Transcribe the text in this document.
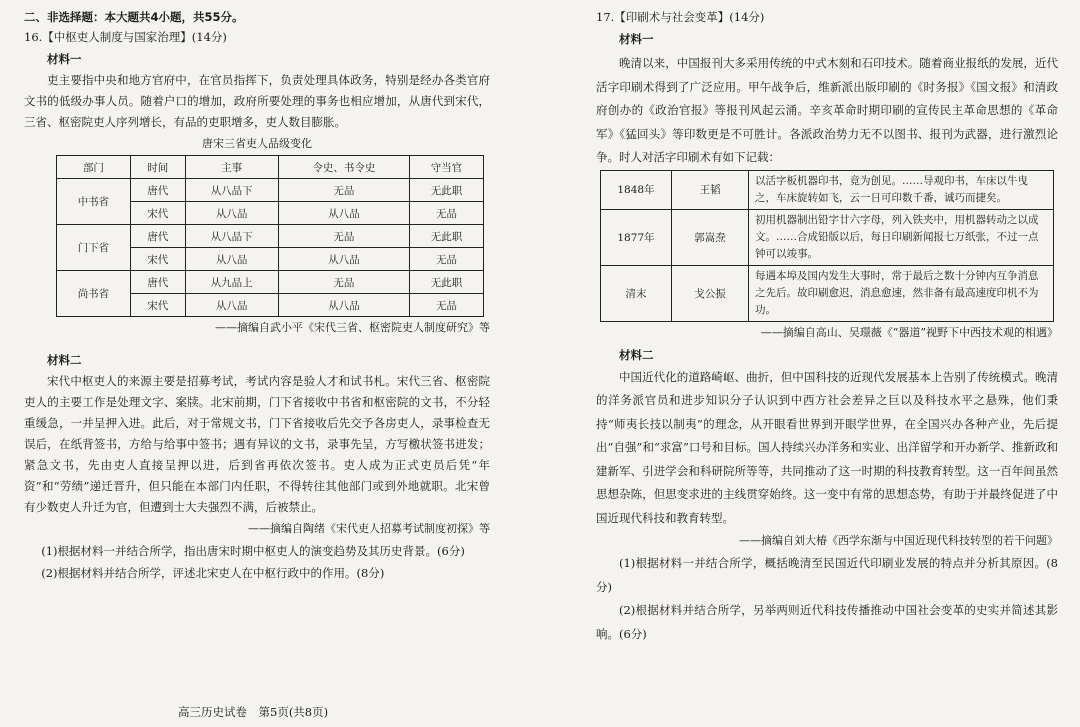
二、非选择题：本大题共4小题，共55分。

16.【中枢吏人制度与国家治理】(14分)

材料一

吏主要指中央和地方官府中，在官员指挥下，负责处理具体政务，特别是经办各类官府文书的低级办事人员。随着户口的增加，政府所要处理的事务也相应增加，从唐代到宋代，三省、枢密院吏人序列增长，有品的吏职增多，吏人数目膨胀。

唐宋三省吏人品级变化

部门	时间	主事	令史、书令史	守当官
中书省	唐代	从八品下	无品	无此职
	宋代	从八品	从八品	无品
门下省	唐代	从八品下	无品	无此职
	宋代	从八品	从八品	无品
尚书省	唐代	从九品上	无品	无此职
	宋代	从八品	从八品	无品

——摘编自武小平《宋代三省、枢密院吏人制度研究》等

材料二

宋代中枢吏人的来源主要是招募考试，考试内容是验人才和试书札。宋代三省、枢密院吏人的主要工作是处理文字、案牍。北宋前期，门下省接收中书省和枢密院的文书，不分轻重缓急，一并呈押入进。此后，对于常规文书，门下省接收后先交予各房吏人，录事检查无误后，在纸背签书，方给与给事中签书；遇有异议的文书，录事先呈，方写檄状签书进发；紧急文书，先由吏人直接呈押以进，后到省再依次签书。吏人成为正式吏员后凭“年资”和“劳绩”递迁晋升，但只能在本部门内任职，不得转往其他部门或到外地就职。北宋曾有少数吏人升迁为官，但遭到士大夫强烈不满，后被禁止。

——摘编自陶绪《宋代吏人招募考试制度初探》等

(1)根据材料一并结合所学，指出唐宋时期中枢吏人的演变趋势及其历史背景。(6分)

(2)根据材料并结合所学，评述北宋吏人在中枢行政中的作用。(8分)

17.【印刷术与社会变革】(14分)

材料一

晚清以来，中国报刊大多采用传统的中式木刻和石印技术。随着商业报纸的发展，近代活字印刷术得到了广泛应用。甲午战争后，维新派出版印刷的《时务报》《国文报》和清政府创办的《政治官报》等报刊风起云涌。辛亥革命时期印刷的宣传民主革命思想的《革命军》《猛回头》等印数更是不可胜计。各派政治势力无不以图书、报刊为武器，进行激烈论争。时人对活字印刷术有如下记载：

1848年	王韬	以活字板机器印书，竟为创见。……导观印书，车床以牛曳之，车床旋转如飞，云一日可印数千番，诚巧而捷矣。
1877年	郭嵩焘	初用机器制出铅字廿六字母，列入铁夹中，用机器转动之以成文。……合成铅版以后，每日印刷新闻报七万纸张，不过一点钟可以竣事。
清末	戈公振	每遇本埠及国内发生大事时，常于最后之数十分钟内互争消息之先后。故印刷愈迟，消息愈速，然非备有最高速度印机不为功。

——摘编自高山、吴璟薇《“器道”视野下中西技术观的相遇》

材料二

中国近代化的道路崎岖、曲折，但中国科技的近现代发展基本上告别了传统模式。晚清的洋务派官员和进步知识分子认识到中西方社会差异之巨以及科技水平之悬殊，他们秉持“师夷长技以制夷”的理念，从开眼看世界到开眼学世界，在全国兴办各种产业，先后提出“自强”和“求富”口号和目标。国人持续兴办洋务和实业、出洋留学和开办新学、推新政和建新军、引进学会和科研院所等等，共同推动了这一时期的科技教育转型。这一百年间虽然思想杂陈，但思变求进的主线贯穿始终。这一变中有常的思想态势，有助于并最终促进了中国近现代科技和教育转型。

——摘编自刘大椿《西学东渐与中国近现代科技转型的若干问题》

(1)根据材料一并结合所学，概括晚清至民国近代印刷业发展的特点并分析其原因。(8分)

(2)根据材料并结合所学，另举两则近代科技传播推动中国社会变革的史实并简述其影响。(6分)

高三历史试卷　第5页(共8页)
